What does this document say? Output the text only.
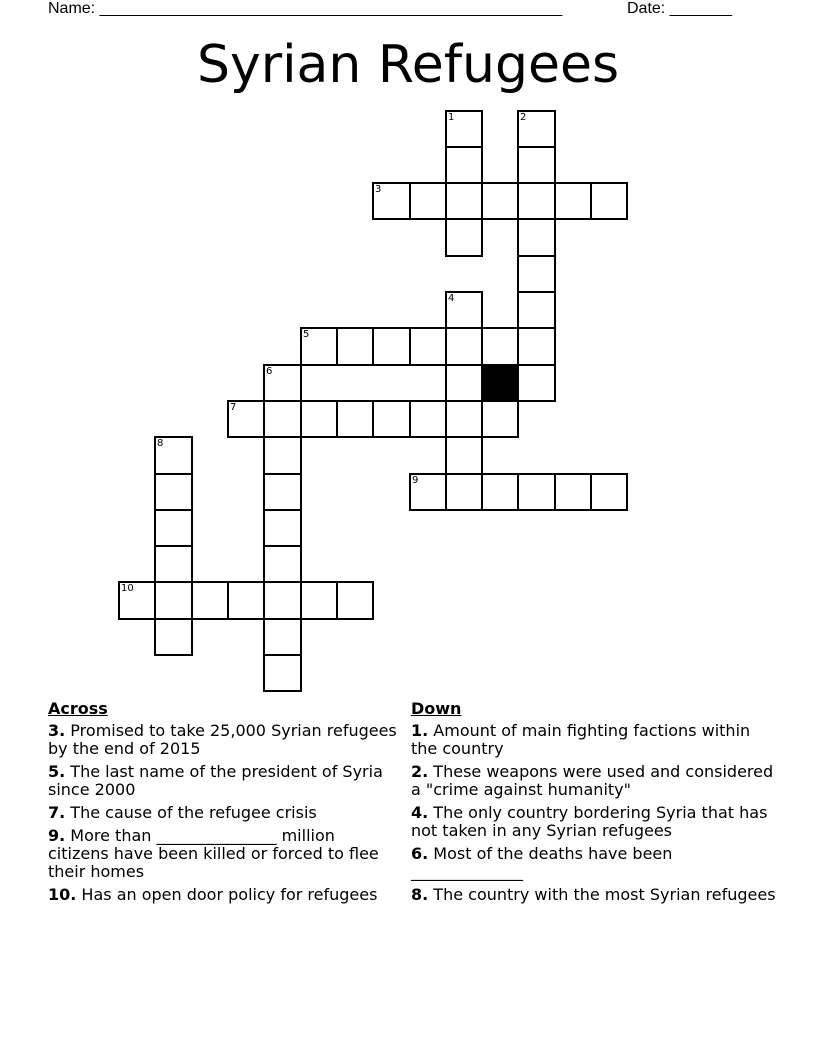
Name: ____________________________________________________	Date: _______
Syrian Refugees
1	2
3
4
5
6
7
8
9
10
Across
3. Promised to take 25,000 Syrian refugees by the end of 2015
5. The last name of the president of Syria since 2000
7. The cause of the refugee crisis
9. More than _______________ million citizens have been killed or forced to flee their homes
10. Has an open door policy for refugees
Down
1. Amount of main fighting factions within the country
2. These weapons were used and considered a "crime against humanity"
4. The only country bordering Syria that has not taken in any Syrian refugees
6. Most of the deaths have been ______________
8. The country with the most Syrian refugees
